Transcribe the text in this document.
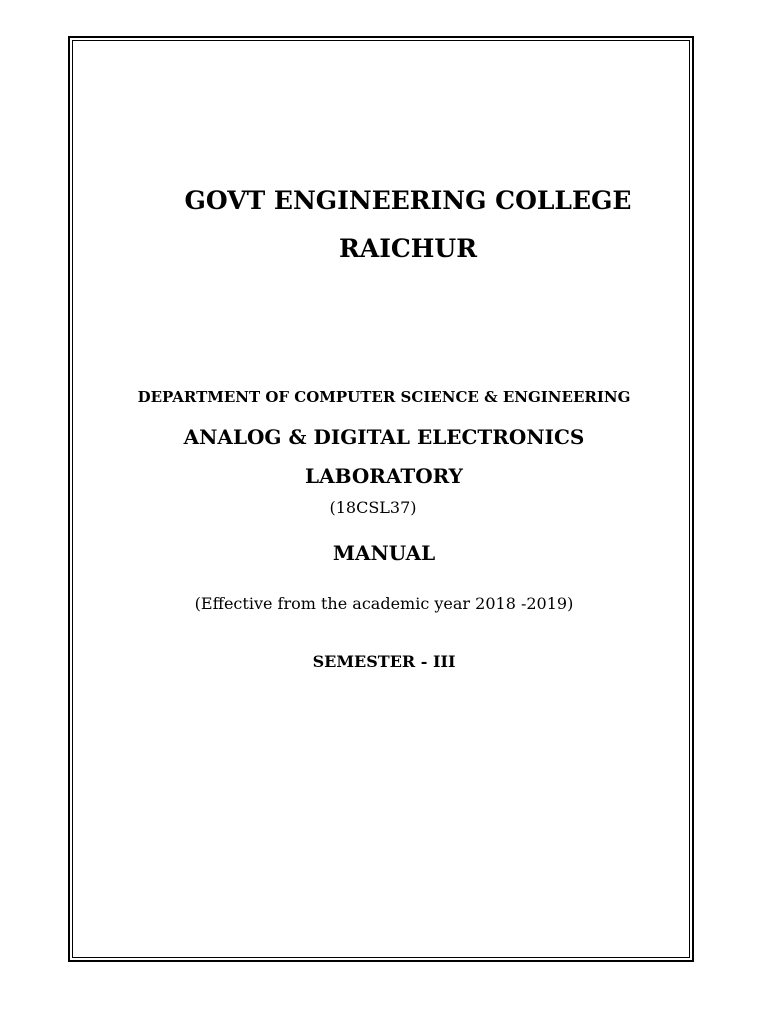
GOVT ENGINEERING COLLEGE
RAICHUR
DEPARTMENT OF COMPUTER SCIENCE & ENGINEERING
ANALOG & DIGITAL ELECTRONICS
LABORATORY
(18CSL37)
MANUAL
(Effective from the academic year 2018 -2019)
SEMESTER - III
